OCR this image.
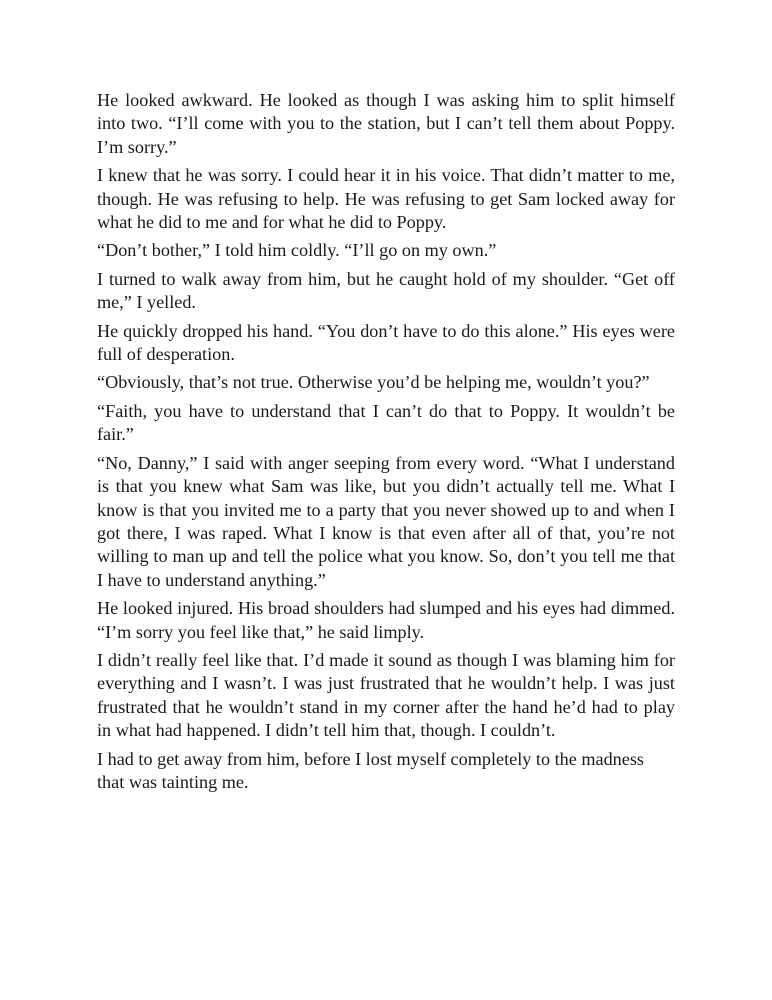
He looked awkward. He looked as though I was asking him to split himself into two. “I’ll come with you to the station, but I can’t tell them about Poppy. I’m sorry.”

I knew that he was sorry. I could hear it in his voice. That didn’t matter to me, though. He was refusing to help. He was refusing to get Sam locked away for what he did to me and for what he did to Poppy.

“Don’t bother,” I told him coldly. “I’ll go on my own.”

I turned to walk away from him, but he caught hold of my shoulder. “Get off me,” I yelled.

He quickly dropped his hand. “You don’t have to do this alone.” His eyes were full of desperation.

“Obviously, that’s not true. Otherwise you’d be helping me, wouldn’t you?”

“Faith, you have to understand that I can’t do that to Poppy. It wouldn’t be fair.”

“No, Danny,” I said with anger seeping from every word. “What I understand is that you knew what Sam was like, but you didn’t actually tell me. What I know is that you invited me to a party that you never showed up to and when I got there, I was raped. What I know is that even after all of that, you’re not willing to man up and tell the police what you know. So, don’t you tell me that I have to understand anything.”

He looked injured. His broad shoulders had slumped and his eyes had dimmed. “I’m sorry you feel like that,” he said limply.

I didn’t really feel like that. I’d made it sound as though I was blaming him for everything and I wasn’t. I was just frustrated that he wouldn’t help. I was just frustrated that he wouldn’t stand in my corner after the hand he’d had to play in what had happened. I didn’t tell him that, though. I couldn’t.

I had to get away from him, before I lost myself completely to the madness that was tainting me.
